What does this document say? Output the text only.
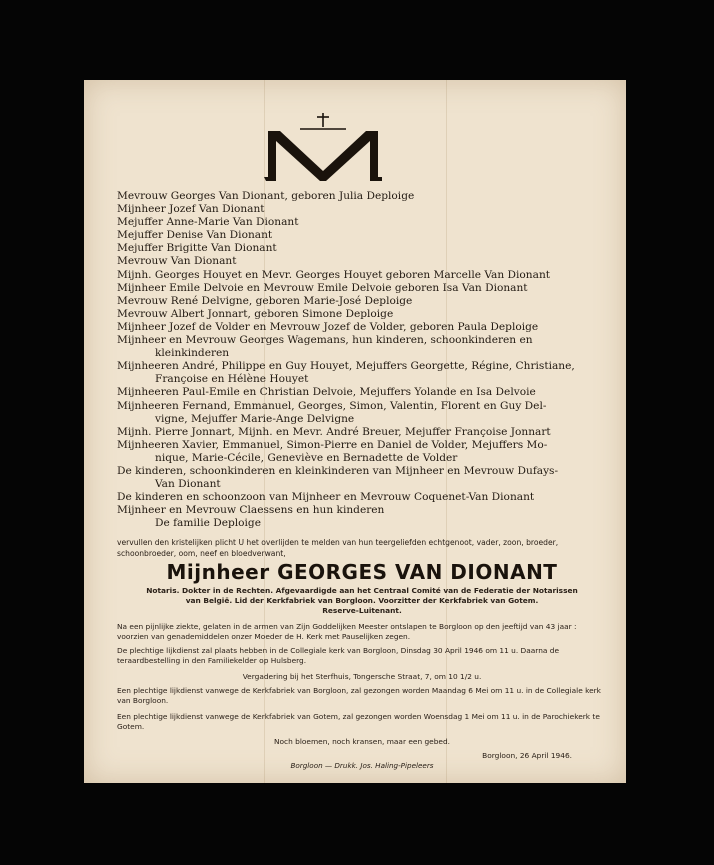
Mevrouw Georges Van Dionant, geboren Julia Deploige
Mijnheer Jozef Van Dionant
Mejuffer Anne-Marie Van Dionant
Mejuffer Denise Van Dionant
Mejuffer Brigitte Van Dionant
Mevrouw Van Dionant
Mijnh. Georges Houyet en Mevr. Georges Houyet geboren Marcelle Van Dionant
Mijnheer Emile Delvoie en Mevrouw Emile Delvoie geboren Isa Van Dionant
Mevrouw René Delvigne, geboren Marie-José Deploige
Mevrouw Albert Jonnart, geboren Simone Deploige
Mijnheer Jozef de Volder en Mevrouw Jozef de Volder, geboren Paula Deploige
Mijnheer en Mevrouw Georges Wagemans, hun kinderen, schoonkinderen en
kleinkinderen
Mijnheeren André, Philippe en Guy Houyet, Mejuffers Georgette, Régine, Christiane,
Françoise en Hélène Houyet
Mijnheeren Paul-Emile en Christian Delvoie, Mejuffers Yolande en Isa Delvoie
Mijnheeren Fernand, Emmanuel, Georges, Simon, Valentin, Florent en Guy Del-
vigne, Mejuffer Marie-Ange Delvigne
Mijnh. Pierre Jonnart, Mijnh. en Mevr. André Breuer, Mejuffer Françoise Jonnart
Mijnheeren Xavier, Emmanuel, Simon-Pierre en Daniel de Volder, Mejuffers Mo-
nique, Marie-Cécile, Geneviève en Bernadette de Volder
De kinderen, schoonkinderen en kleinkinderen van Mijnheer en Mevrouw Dufays-
Van Dionant
De kinderen en schoonzoon van Mijnheer en Mevrouw Coquenet-Van Dionant
Mijnheer en Mevrouw Claessens en hun kinderen
De familie Deploige
vervullen den kristelijken plicht U het overlijden te melden van hun teergeliefden echtgenoot, vader, zoon, broeder, schoonbroeder, oom, neef en bloedverwant,
Mijnheer GEORGES VAN DIONANT
Notaris. Dokter in de Rechten. Afgevaardigde aan het Centraal Comité van de Federatie der Notarissen
van België. Lid der Kerkfabriek van Borgloon. Voorzitter der Kerkfabriek van Gotem.
Reserve-Luitenant.
Na een pijnlijke ziekte, gelaten in de armen van Zijn Goddelijken Meester ontslapen te Borgloon op den jeeftijd van 43 jaar : voorzien van genademiddelen onzer Moeder de H. Kerk met Pauselijken zegen.
De plechtige lijkdienst zal plaats hebben in de Collegiale kerk van Borgloon, Dinsdag 30 April 1946 om 11 u. Daarna de teraardbestelling in den Familiekelder op Hulsberg.
Vergadering bij het Sterfhuis, Tongersche Straat, 7, om 10 1/2 u.
Een plechtige lijkdienst vanwege de Kerkfabriek van Borgloon, zal gezongen worden Maandag 6 Mei om 11 u. in de Collegiale kerk van Borgloon.
Een plechtige lijkdienst vanwege de Kerkfabriek van Gotem, zal gezongen worden Woensdag 1 Mei om 11 u. in de Parochiekerk te Gotem.
Noch bloemen, noch kransen, maar een gebed.
Borgloon, 26 April 1946.
Borgloon — Drukk. Jos. Haling-Pipeleers
